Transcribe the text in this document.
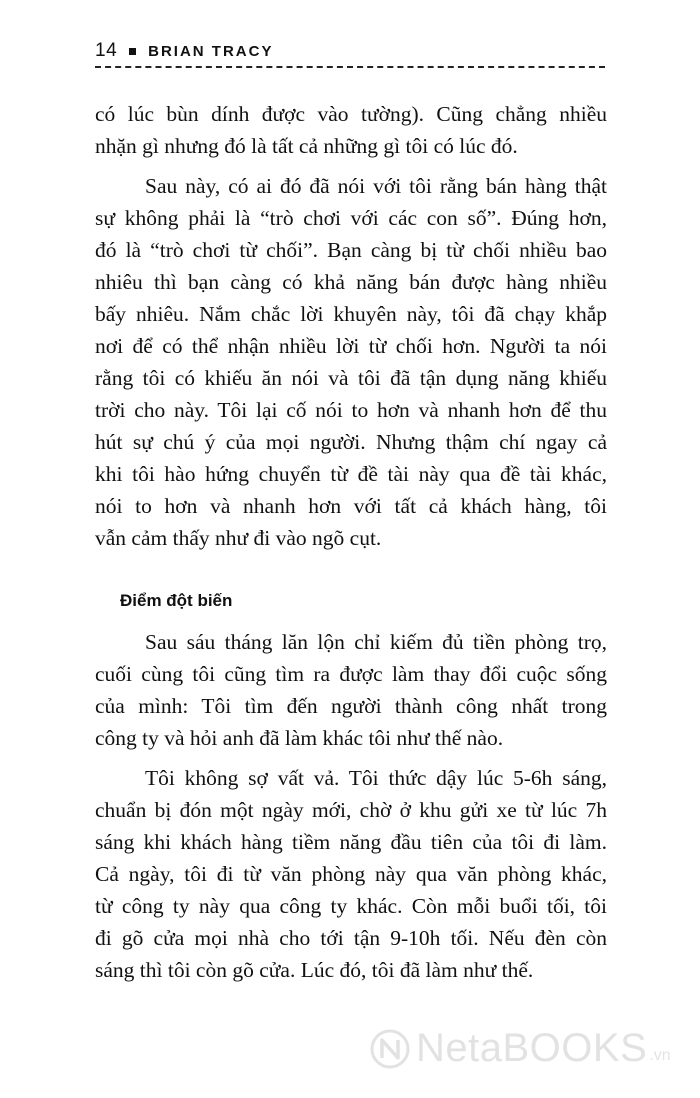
14 BRIAN TRACY
có lúc bùn dính được vào tường). Cũng chẳng nhiều
nhặn gì nhưng đó là tất cả những gì tôi có lúc đó.
Sau này, có ai đó đã nói với tôi rằng bán hàng thật
sự không phải là “trò chơi với các con số”. Đúng hơn,
đó là “trò chơi từ chối”. Bạn càng bị từ chối nhiều bao
nhiêu thì bạn càng có khả năng bán được hàng nhiều
bấy nhiêu. Nắm chắc lời khuyên này, tôi đã chạy khắp
nơi để có thể nhận nhiều lời từ chối hơn. Người ta nói
rằng tôi có khiếu ăn nói và tôi đã tận dụng năng khiếu
trời cho này. Tôi lại cố nói to hơn và nhanh hơn để thu
hút sự chú ý của mọi người. Nhưng thậm chí ngay cả
khi tôi hào hứng chuyển từ đề tài này qua đề tài khác,
nói to hơn và nhanh hơn với tất cả khách hàng, tôi
vẫn cảm thấy như đi vào ngõ cụt.
Điểm đột biến
Sau sáu tháng lăn lộn chỉ kiếm đủ tiền phòng trọ,
cuối cùng tôi cũng tìm ra được làm thay đổi cuộc sống
của mình: Tôi tìm đến người thành công nhất trong
công ty và hỏi anh đã làm khác tôi như thế nào.
Tôi không sợ vất vả. Tôi thức dậy lúc 5-6h sáng,
chuẩn bị đón một ngày mới, chờ ở khu gửi xe từ lúc 7h
sáng khi khách hàng tiềm năng đầu tiên của tôi đi làm.
Cả ngày, tôi đi từ văn phòng này qua văn phòng khác,
từ công ty này qua công ty khác. Còn mỗi buổi tối, tôi
đi gõ cửa mọi nhà cho tới tận 9-10h tối. Nếu đèn còn
sáng thì tôi còn gõ cửa. Lúc đó, tôi đã làm như thế.
NetaBOOKS .vn
